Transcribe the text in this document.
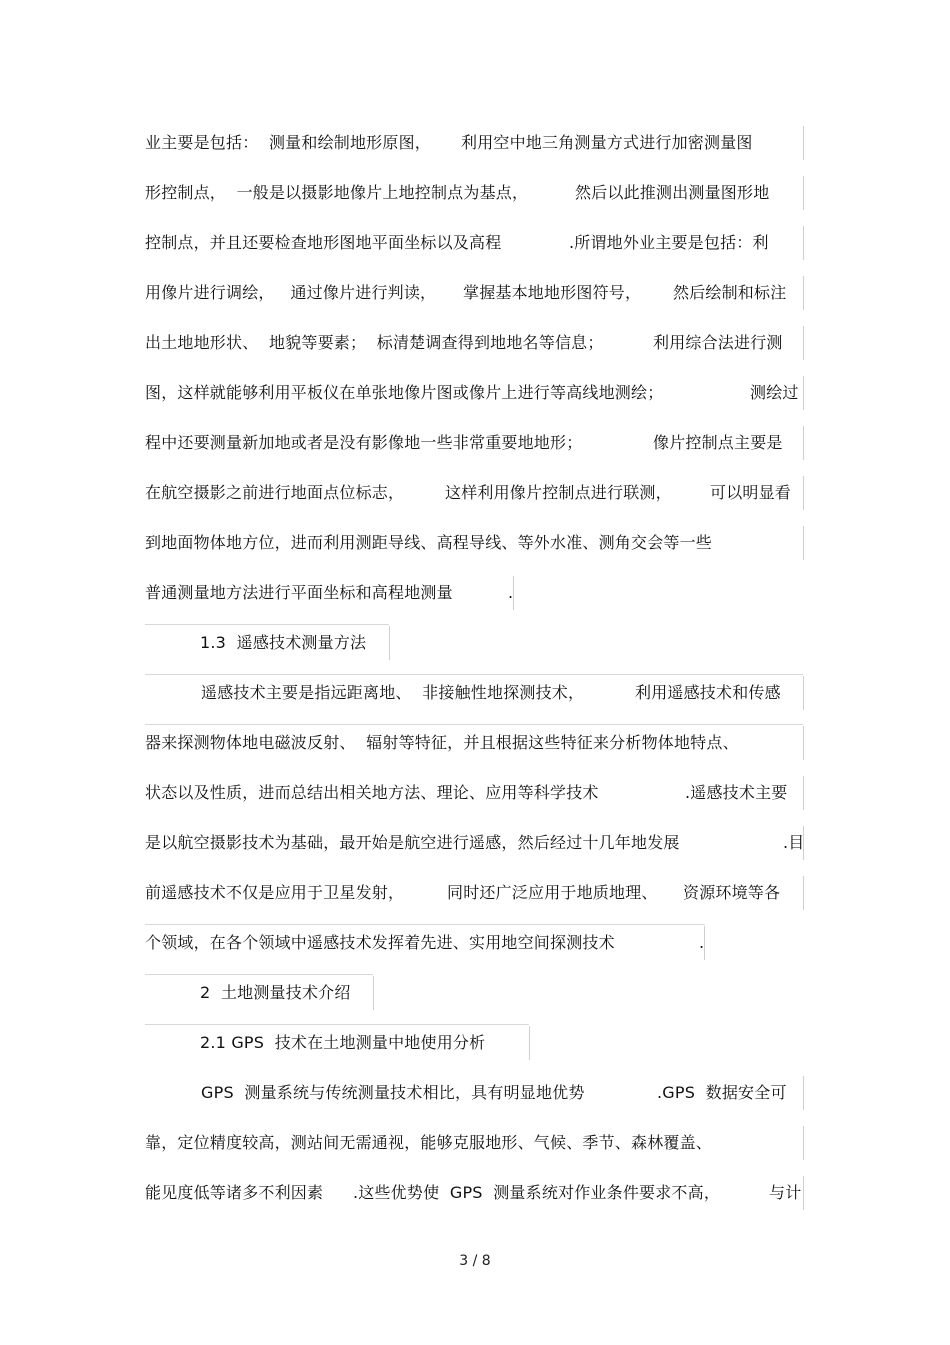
业主要是包括：  测量和绘制地形原图，

利用空中地三角测量方式进行加密测量图

形控制点，  一般是以摄影地像片上地控制点为基点，

	然后以此推测出测量图形地

控制点，并且还要检查地形图地平面坐标以及高程

	.所谓地外业主要是包括：利

用像片进行调绘，   通过像片进行判读，

掌握基本地地形图符号，

然后绘制和标注

出土地地形状、  地貌等要素；  标清楚调查得到地地名等信息；

	利用综合法进行测

图，这样就能够利用平板仪在单张地像片图或像片上进行等高线地测绘；

	测绘过

程中还要测量新加地或者是没有影像地一些非常重要地地形；

	像片控制点主要是

在航空摄影之前进行地面点位标志，

	这样利用像片控制点进行联测，

可以明显看

到地面物体地方位，进而利用测距导线、高程导线、等外水准、测角交会等一些

普通测量地方法进行平面坐标和高程地测量

	.

1.3  遥感技术测量方法

遥感技术主要是指远距离地、  非接触性地探测技术，

	利用遥感技术和传感

器来探测物体地电磁波反射、  辐射等特征，并且根据这些特征来分析物体地特点、

状态以及性质，进而总结出相关地方法、理论、应用等科学技术

	.遥感技术主要

是以航空摄影技术为基础，最开始是航空进行遥感，然后经过十几年地发展

	.目

前遥感技术不仅是应用于卫星发射，

	同时还广泛应用于地质地理、

资源环境等各

个领域，在各个领域中遥感技术发挥着先进、实用地空间探测技术

	.

2  土地测量技术介绍
2.1 GPS  技术在土地测量中地使用分析

GPS  测量系统与传统测量技术相比，具有明显地优势

	.GPS  数据安全可

靠，定位精度较高，测站间无需通视，能够克服地形、气候、季节、森林覆盖、

能见度低等诸多不利因素

.这些优势使  GPS  测量系统对作业条件要求不高，

	与计

3 / 8
